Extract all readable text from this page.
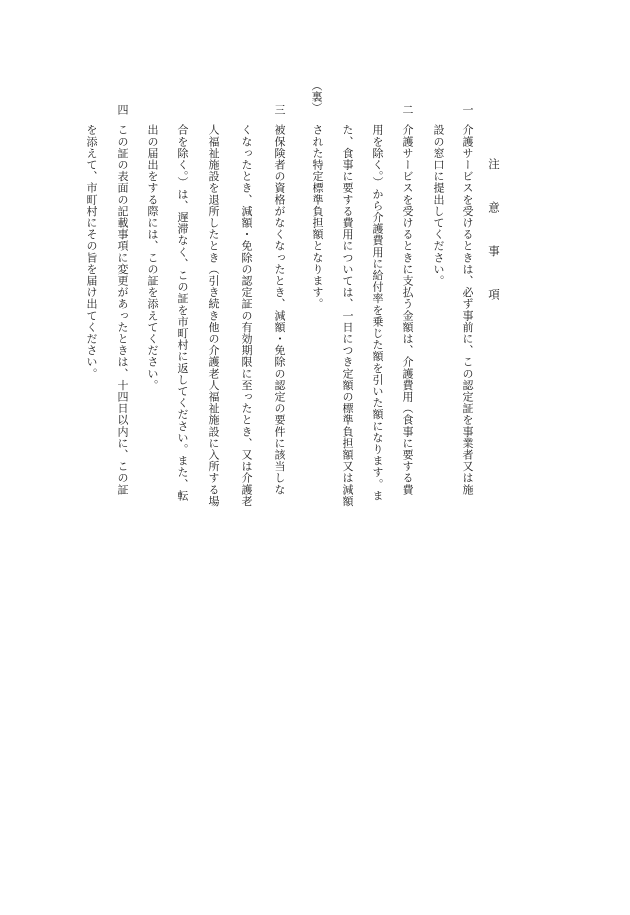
注 意 事 項
一
介護サービスを受けるときは、必ず事前に、この認定証を事業者又は施
設の窓口に提出してください。
二
介護サービスを受けるときに支払う金額は、介護費用（食事に要する費
用を除く。）から介護費用に給付率を乗じた額を引いた額になります。ま
た、食事に要する費用については、一日につき定額の標準負担額又は減額
された特定標準負担額となります。
（裏）
三
被保険者の資格がなくなったとき、減額・免除の認定の要件に該当しな
くなったとき、減額・免除の認定証の有効期限に至ったとき、又は介護老
人福祉施設を退所したとき（引き続き他の介護老人福祉施設に入所する場
合を除く。）は、遅滞なく、この証を市町村に返してください。また、転
出の届出をする際には、この証を添えてください。
四
この証の表面の記載事項に変更があったときは、十四日以内に、この証
を添えて、市町村にその旨を届け出てください。
